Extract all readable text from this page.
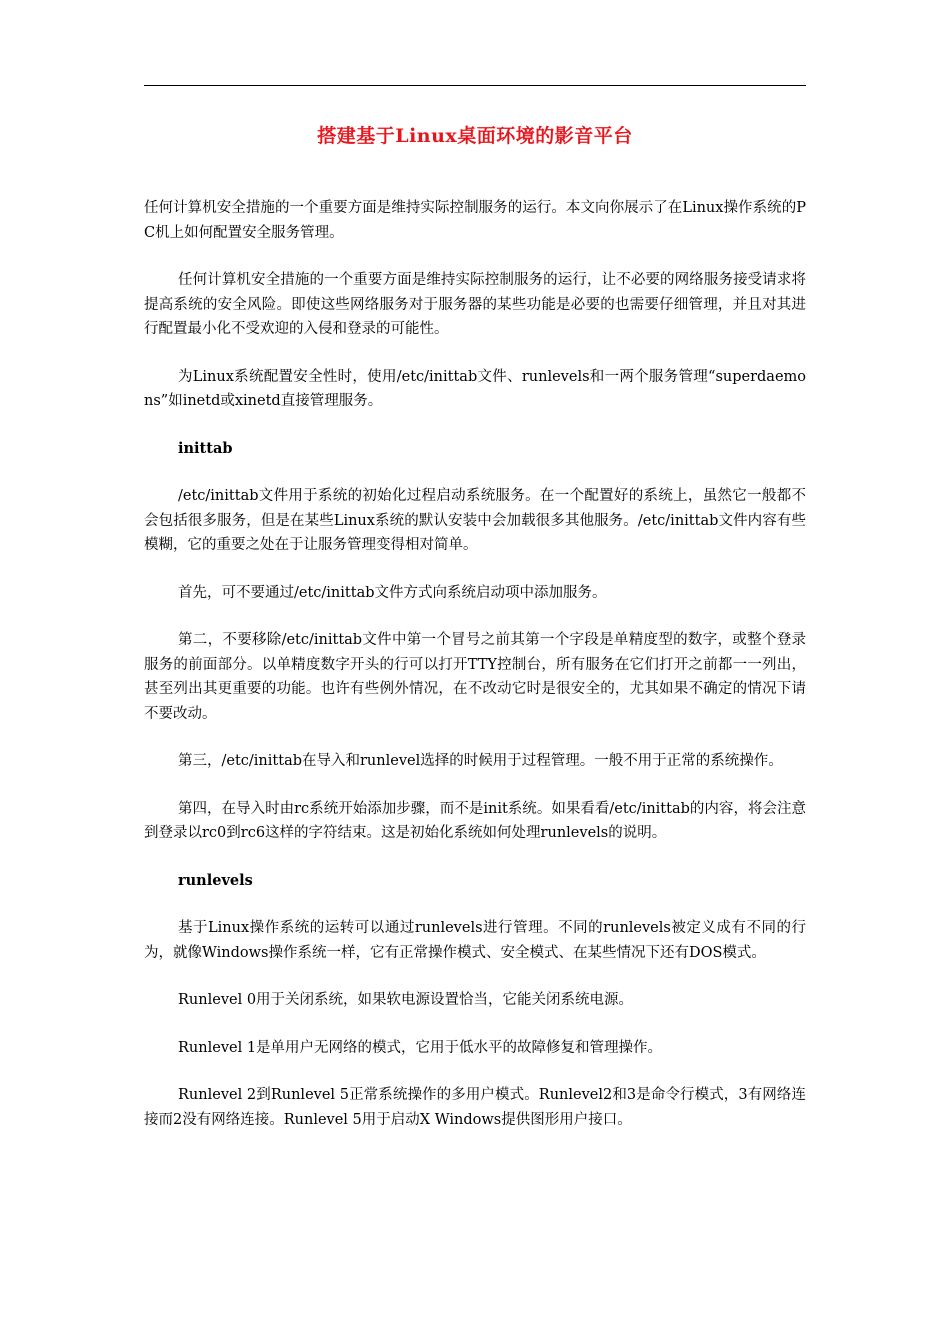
搭建基于Linux桌面环境的影音平台

任何计算机安全措施的一个重要方面是维持实际控制服务的运行。本文向你展示了在Linux操作系统的PC机上如何配置安全服务管理。

任何计算机安全措施的一个重要方面是维持实际控制服务的运行，让不必要的网络服务接受请求将提高系统的安全风险。即使这些网络服务对于服务器的某些功能是必要的也需要仔细管理，并且对其进行配置最小化不受欢迎的入侵和登录的可能性。

为Linux系统配置安全性时，使用/etc/inittab文件、runlevels和一两个服务管理“superdaemons”如inetd或xinetd直接管理服务。

inittab

/etc/inittab文件用于系统的初始化过程启动系统服务。在一个配置好的系统上，虽然它一般都不会包括很多服务，但是在某些Linux系统的默认安装中会加载很多其他服务。/etc/inittab文件内容有些模糊，它的重要之处在于让服务管理变得相对简单。

首先，可不要通过/etc/inittab文件方式向系统启动项中添加服务。

第二，不要移除/etc/inittab文件中第一个冒号之前其第一个字段是单精度型的数字，或整个登录服务的前面部分。以单精度数字开头的行可以打开TTY控制台，所有服务在它们打开之前都一一列出，甚至列出其更重要的功能。也许有些例外情况，在不改动它时是很安全的，尤其如果不确定的情况下请不要改动。

第三，/etc/inittab在导入和runlevel选择的时候用于过程管理。一般不用于正常的系统操作。

第四，在导入时由rc系统开始添加步骤，而不是init系统。如果看看/etc/inittab的内容，将会注意到登录以rc0到rc6这样的字符结束。这是初始化系统如何处理runlevels的说明。

runlevels

基于Linux操作系统的运转可以通过runlevels进行管理。不同的runlevels被定义成有不同的行为，就像Windows操作系统一样，它有正常操作模式、安全模式、在某些情况下还有DOS模式。

Runlevel 0用于关闭系统，如果软电源设置恰当，它能关闭系统电源。

Runlevel 1是单用户无网络的模式，它用于低水平的故障修复和管理操作。

Runlevel 2到Runlevel 5正常系统操作的多用户模式。Runlevel2和3是命令行模式，3有网络连接而2没有网络连接。Runlevel 5用于启动X Windows提供图形用户接口。
